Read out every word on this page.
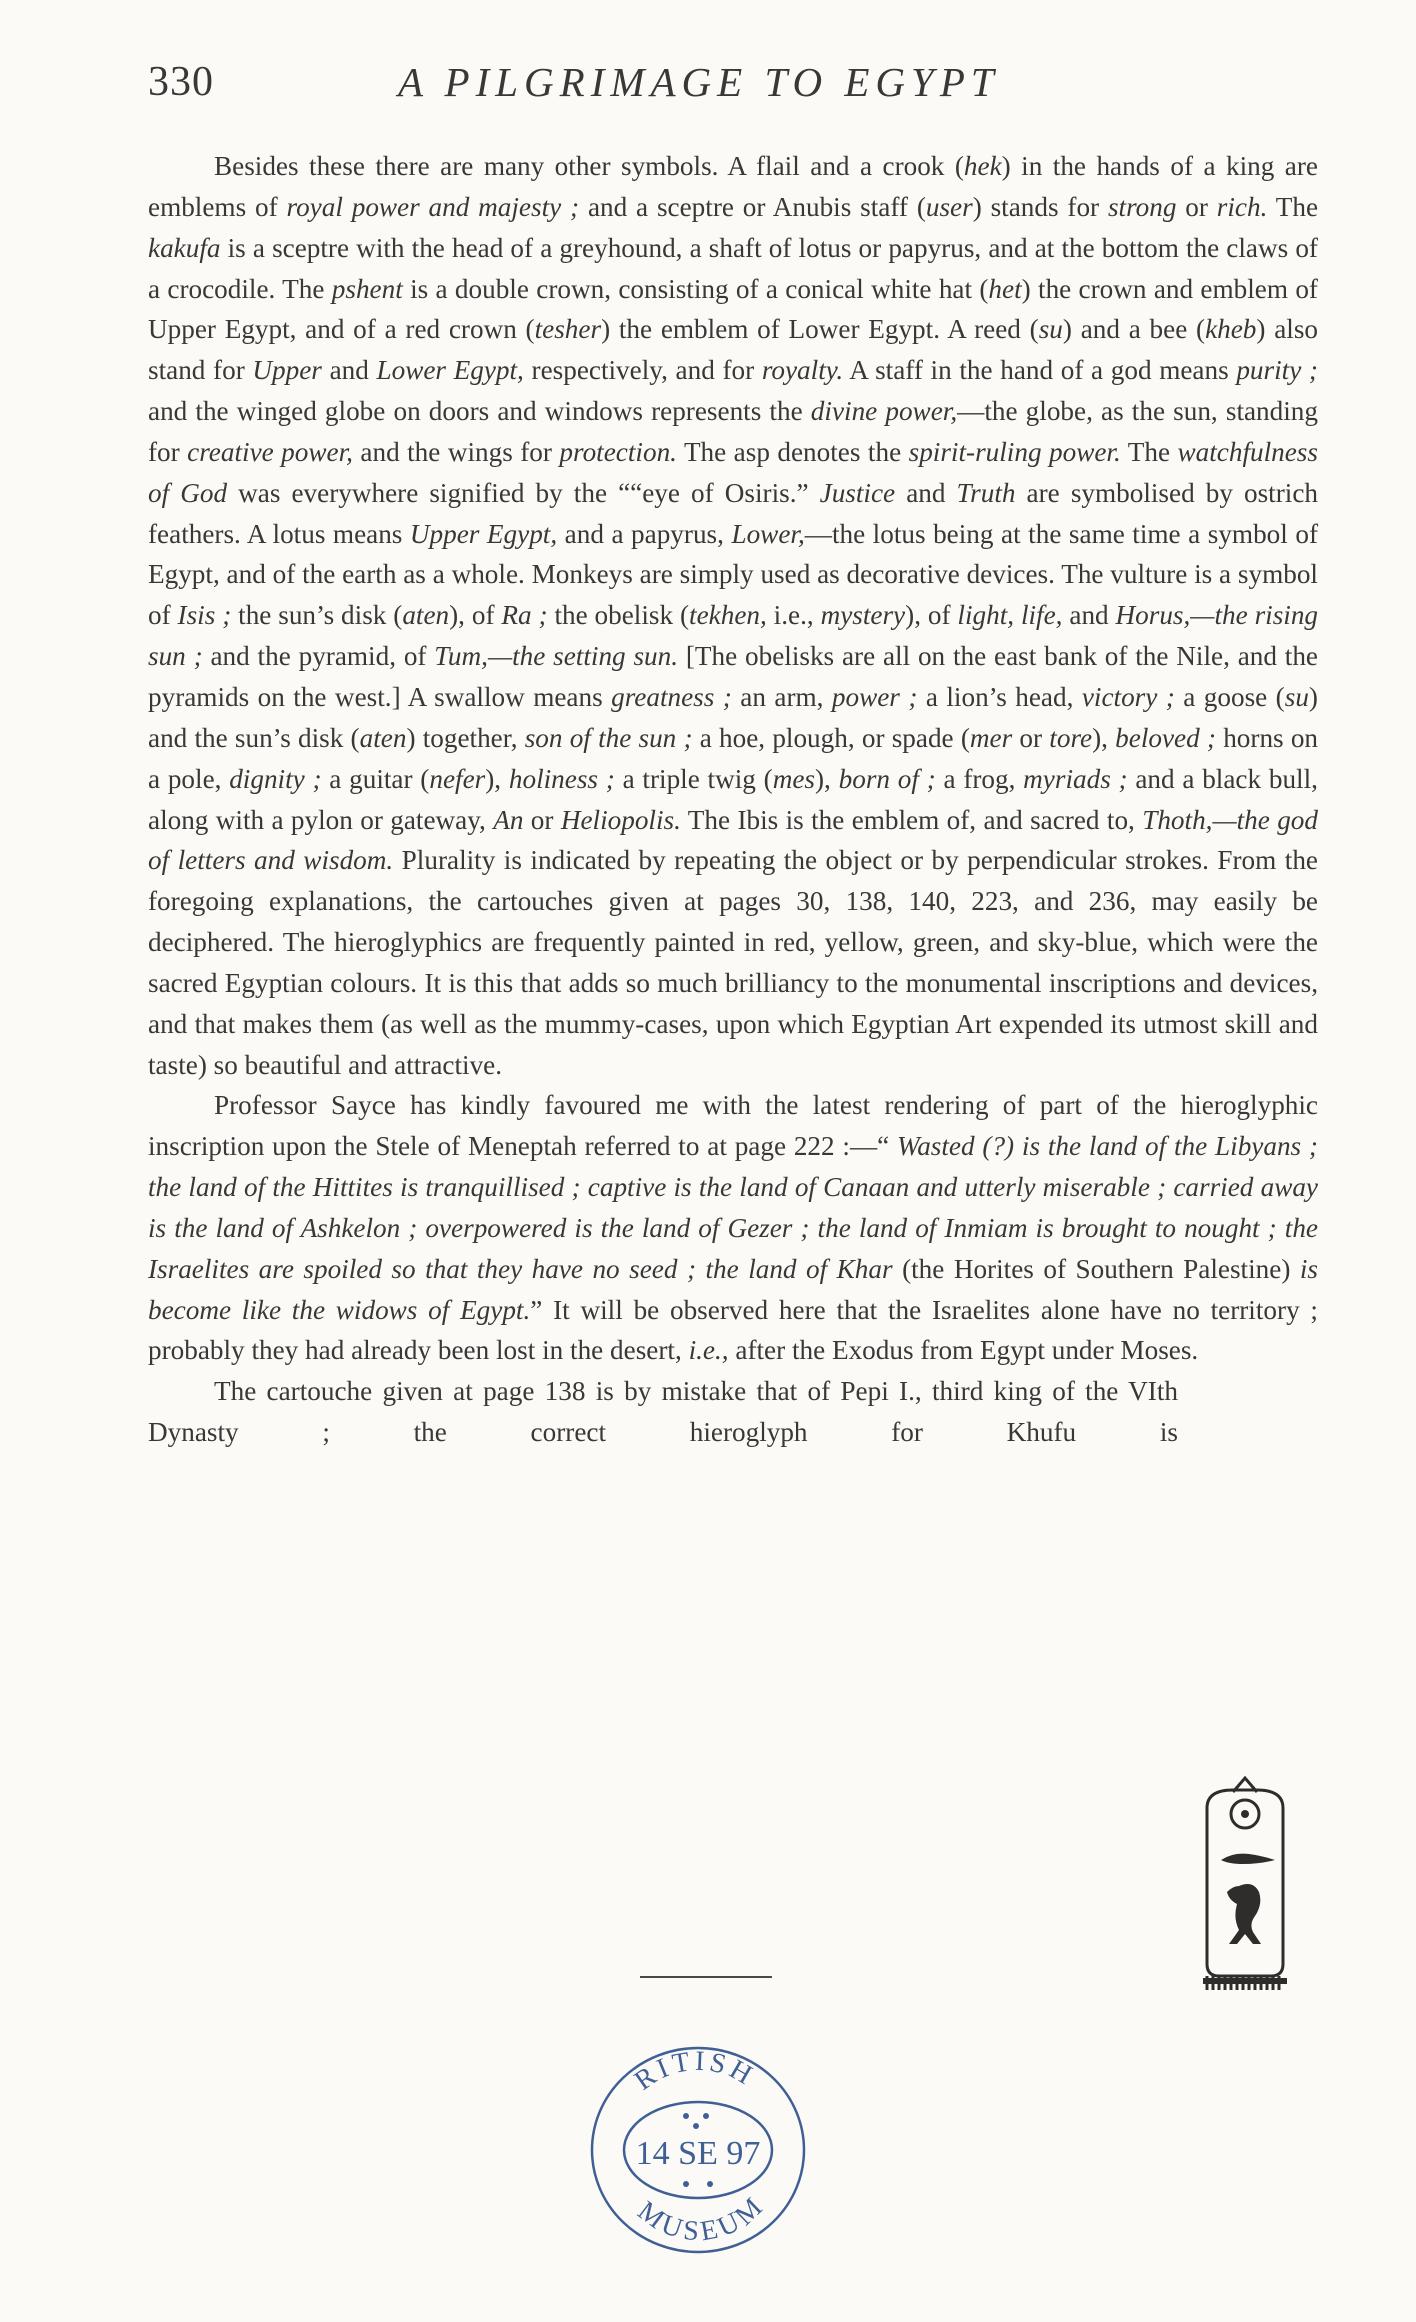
330	A PILGRIMAGE TO EGYPT

Besides these there are many other symbols. A flail and a crook (hek) in the hands of a king are emblems of royal power and majesty ; and a sceptre or Anubis staff (user) stands for strong or rich. The kakufa is a sceptre with the head of a greyhound, a shaft of lotus or papyrus, and at the bottom the claws of a crocodile. The pshent is a double crown, consisting of a conical white hat (het) the crown and emblem of Upper Egypt, and of a red crown (tesher) the emblem of Lower Egypt. A reed (su) and a bee (kheb) also stand for Upper and Lower Egypt, respectively, and for royalty. A staff in the hand of a god means purity ; and the winged globe on doors and windows represents the divine power,—the globe, as the sun, standing for creative power, and the wings for protection. The asp denotes the spirit-ruling power. The watchfulness of God was everywhere signified by the ““eye of Osiris.” Justice and Truth are symbolised by ostrich feathers. A lotus means Upper Egypt, and a papyrus, Lower,—the lotus being at the same time a symbol of Egypt, and of the earth as a whole. Monkeys are simply used as decorative devices. The vulture is a symbol of Isis ; the sun’s disk (aten), of Ra ; the obelisk (tekhen, i.e., mystery), of light, life, and Horus,—the rising sun ; and the pyramid, of Tum,—the setting sun. [The obelisks are all on the east bank of the Nile, and the pyramids on the west.] A swallow means greatness ; an arm, power ; a lion’s head, victory ; a goose (su) and the sun’s disk (aten) together, son of the sun ; a hoe, plough, or spade (mer or tore), beloved ; horns on a pole, dignity ; a guitar (nefer), holiness ; a triple twig (mes), born of ; a frog, myriads ; and a black bull, along with a pylon or gateway, An or Heliopolis. The Ibis is the emblem of, and sacred to, Thoth,—the god of letters and wisdom. Plurality is indicated by repeating the object or by perpendicular strokes. From the foregoing explanations, the cartouches given at pages 30, 138, 140, 223, and 236, may easily be deciphered. The hieroglyphics are frequently painted in red, yellow, green, and sky-blue, which were the sacred Egyptian colours. It is this that adds so much brilliancy to the monumental inscriptions and devices, and that makes them (as well as the mummy-cases, upon which Egyptian Art expended its utmost skill and taste) so beautiful and attractive.

Professor Sayce has kindly favoured me with the latest rendering of part of the hieroglyphic inscription upon the Stele of Meneptah referred to at page 222 :—“ Wasted (?) is the land of the Libyans ; the land of the Hittites is tranquillised ; captive is the land of Canaan and utterly miserable ; carried away is the land of Ashkelon ; overpowered is the land of Gezer ; the land of Inmiam is brought to nought ; the Israelites are spoiled so that they have no seed ; the land of Khar (the Horites of Southern Palestine) is become like the widows of Egypt.” It will be observed here that the Israelites alone have no territory ; probably they had already been lost in the desert, i.e., after the Exodus from Egypt under Moses.

The cartouche given at page 138 is by mistake that of Pepi I., third king of the VIth Dynasty ; the correct hieroglyph for Khufu is

RITISH
14 SE 97
MUSEUM
